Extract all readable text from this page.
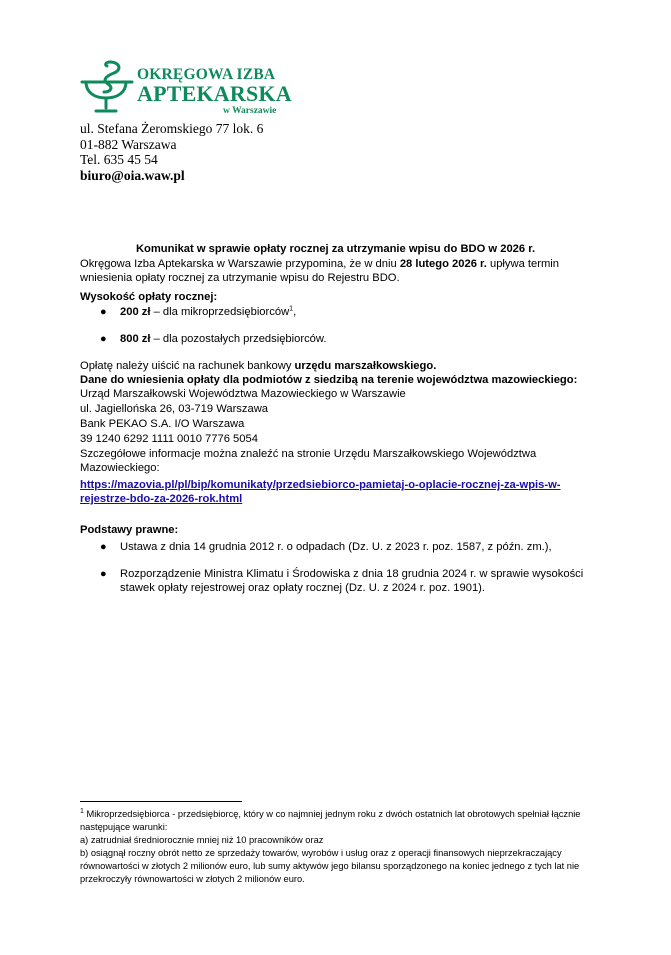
OKRĘGOWA IZBA
APTEKARSKA
w Warszawie
ul. Stefana Żeromskiego 77 lok. 6
01-882 Warszawa
Tel. 635 45 54
biuro@oia.waw.pl
Komunikat w sprawie opłaty rocznej za utrzymanie wpisu do BDO w 2026 r.
Okręgowa Izba Aptekarska w Warszawie przypomina, że w dniu 28 lutego 2026 r. upływa termin wniesienia opłaty rocznej za utrzymanie wpisu do Rejestru BDO.
Wysokość opłaty rocznej:
● 200 zł – dla mikroprzedsiębiorców$^1$,
● 800 zł – dla pozostałych przedsiębiorców.
Opłatę należy uiścić na rachunek bankowy urzędu marszałkowskiego.
Dane do wniesienia opłaty dla podmiotów z siedzibą na terenie województwa mazowieckiego:
Urząd Marszałkowski Województwa Mazowieckiego w Warszawie
ul. Jagiellońska 26, 03-719 Warszawa
Bank PEKAO S.A. I/O Warszawa
39 1240 6292 1111 0010 7776 5054
Szczegółowe informacje można znaleźć na stronie Urzędu Marszałkowskiego Województwa Mazowieckiego:
https://mazovia.pl/pl/bip/komunikaty/przedsiebiorco-pamietaj-o-oplacie-rocznej-za-wpis-w-
rejestrze-bdo-za-2026-rok.html
Podstawy prawne:
● Ustawa z dnia 14 grudnia 2012 r. o odpadach (Dz. U. z 2023 r. poz. 1587, z późn. zm.),
● Rozporządzenie Ministra Klimatu i Środowiska z dnia 18 grudnia 2024 r. w sprawie wysokości stawek opłaty rejestrowej oraz opłaty rocznej (Dz. U. z 2024 r. poz. 1901).
$^1$ Mikroprzedsiębiorca - przedsiębiorcę, który w co najmniej jednym roku z dwóch ostatnich lat obrotowych spełniał łącznie następujące warunki:
a) zatrudniał średniorocznie mniej niż 10 pracowników oraz
b) osiągnął roczny obrót netto ze sprzedaży towarów, wyrobów i usług oraz z operacji finansowych nieprzekraczający równowartości w złotych 2 milionów euro, lub sumy aktywów jego bilansu sporządzonego na koniec jednego z tych lat nie przekroczyły równowartości w złotych 2 milionów euro.
